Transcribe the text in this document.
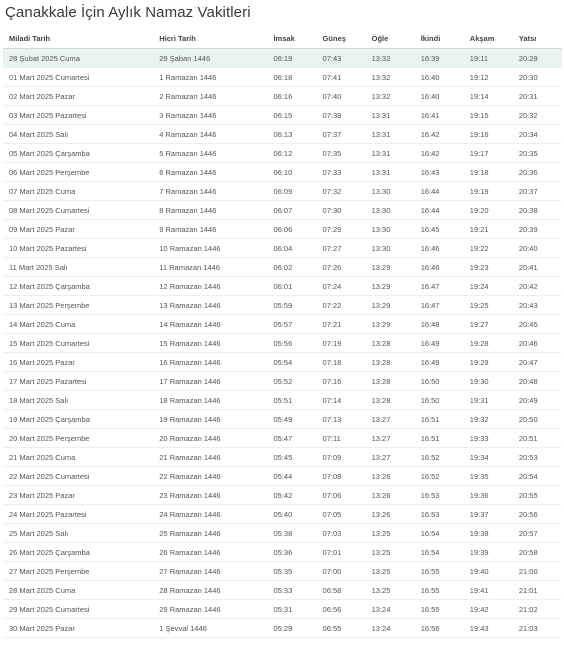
Çanakkale İçin Aylık Namaz Vakitleri
Miladi Tarih	Hicri Tarih	İmsak	Güneş	Öğle	İkindi	Akşam	Yatsı
28 Şubat 2025 Cuma	29 Şaban 1446	06:19	07:43	13:32	16:39	19:11	20:29
01 Mart 2025 Cumartesi	1 Ramazan 1446	06:18	07:41	13:32	16:40	19:12	20:30
02 Mart 2025 Pazar	2 Ramazan 1446	06:16	07:40	13:32	16:40	19:14	20:31
03 Mart 2025 Pazartesi	3 Ramazan 1446	06:15	07:38	13:31	16:41	19:15	20:32
04 Mart 2025 Salı	4 Ramazan 1446	06:13	07:37	13:31	16:42	19:16	20:34
05 Mart 2025 Çarşamba	5 Ramazan 1446	06:12	07:35	13:31	16:42	19:17	20:35
06 Mart 2025 Perşembe	6 Ramazan 1446	06:10	07:33	13:31	16:43	19:18	20:36
07 Mart 2025 Cuma	7 Ramazan 1446	06:09	07:32	13:30	16:44	19:19	20:37
08 Mart 2025 Cumartesi	8 Ramazan 1446	06:07	07:30	13:30	16:44	19:20	20:38
09 Mart 2025 Pazar	9 Ramazan 1446	06:06	07:29	13:30	16:45	19:21	20:39
10 Mart 2025 Pazartesi	10 Ramazan 1446	06:04	07:27	13:30	16:46	19:22	20:40
11 Mart 2025 Salı	11 Ramazan 1446	06:02	07:26	13:29	16:46	19:23	20:41
12 Mart 2025 Çarşamba	12 Ramazan 1446	06:01	07:24	13:29	16:47	19:24	20:42
13 Mart 2025 Perşembe	13 Ramazan 1446	05:59	07:22	13:29	16:47	19:25	20:43
14 Mart 2025 Cuma	14 Ramazan 1446	05:57	07:21	13:29	16:48	19:27	20:45
15 Mart 2025 Cumartesi	15 Ramazan 1446	05:56	07:19	13:28	16:49	19:28	20:46
16 Mart 2025 Pazar	16 Ramazan 1446	05:54	07:18	13:28	16:49	19:29	20:47
17 Mart 2025 Pazartesi	17 Ramazan 1446	05:52	07:16	13:28	16:50	19:30	20:48
18 Mart 2025 Salı	18 Ramazan 1446	05:51	07:14	13:28	16:50	19:31	20:49
19 Mart 2025 Çarşamba	19 Ramazan 1446	05:49	07:13	13:27	16:51	19:32	20:50
20 Mart 2025 Perşembe	20 Ramazan 1446	05:47	07:11	13:27	16:51	19:33	20:51
21 Mart 2025 Cuma	21 Ramazan 1446	05:45	07:09	13:27	16:52	19:34	20:53
22 Mart 2025 Cumartesi	22 Ramazan 1446	05:44	07:08	13:26	16:52	19:35	20:54
23 Mart 2025 Pazar	23 Ramazan 1446	05:42	07:06	13:26	16:53	19:36	20:55
24 Mart 2025 Pazartesi	24 Ramazan 1446	05:40	07:05	13:26	16:53	19:37	20:56
25 Mart 2025 Salı	25 Ramazan 1446	05:38	07:03	13:25	16:54	19:38	20:57
26 Mart 2025 Çarşamba	26 Ramazan 1446	05:36	07:01	13:25	16:54	19:39	20:58
27 Mart 2025 Perşembe	27 Ramazan 1446	05:35	07:00	13:25	16:55	19:40	21:00
28 Mart 2025 Cuma	28 Ramazan 1446	05:33	06:58	13:25	16:55	19:41	21:01
29 Mart 2025 Cumartesi	29 Ramazan 1446	05:31	06:56	13:24	16:55	19:42	21:02
30 Mart 2025 Pazar	1 Şevval 1446	05:29	06:55	13:24	16:56	19:43	21:03
